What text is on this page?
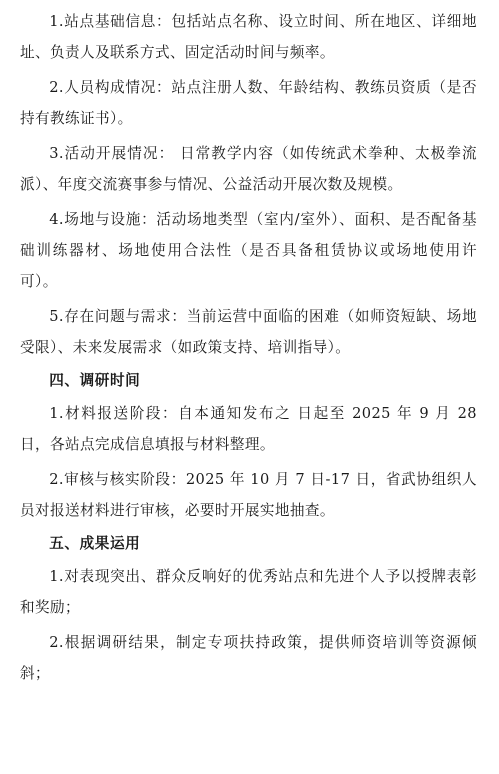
1.站点基础信息：包括站点名称、设立时间、所在地区、详细地址、负责人及联系方式、固定活动时间与频率。

2.人员构成情况：站点注册人数、年龄结构、教练员资质（是否持有教练证书）。

3.活动开展情况： 日常教学内容（如传统武术拳种、太极拳流派）、年度交流赛事参与情况、公益活动开展次数及规模。

4.场地与设施：活动场地类型（室内/室外）、面积、是否配备基础训练器材、场地使用合法性（是否具备租赁协议或场地使用许可）。

5.存在问题与需求：当前运营中面临的困难（如师资短缺、场地受限）、未来发展需求（如政策支持、培训指导）。

四、调研时间

1.材料报送阶段：自本通知发布之 日起至 2025 年 9 月 28 日，各站点完成信息填报与材料整理。

2.审核与核实阶段：2025 年 10 月 7 日-17 日，省武协组织人员对报送材料进行审核，必要时开展实地抽查。

五、成果运用

1.对表现突出、群众反响好的优秀站点和先进个人予以授牌表彰和奖励；

2.根据调研结果，制定专项扶持政策，提供师资培训等资源倾斜；
